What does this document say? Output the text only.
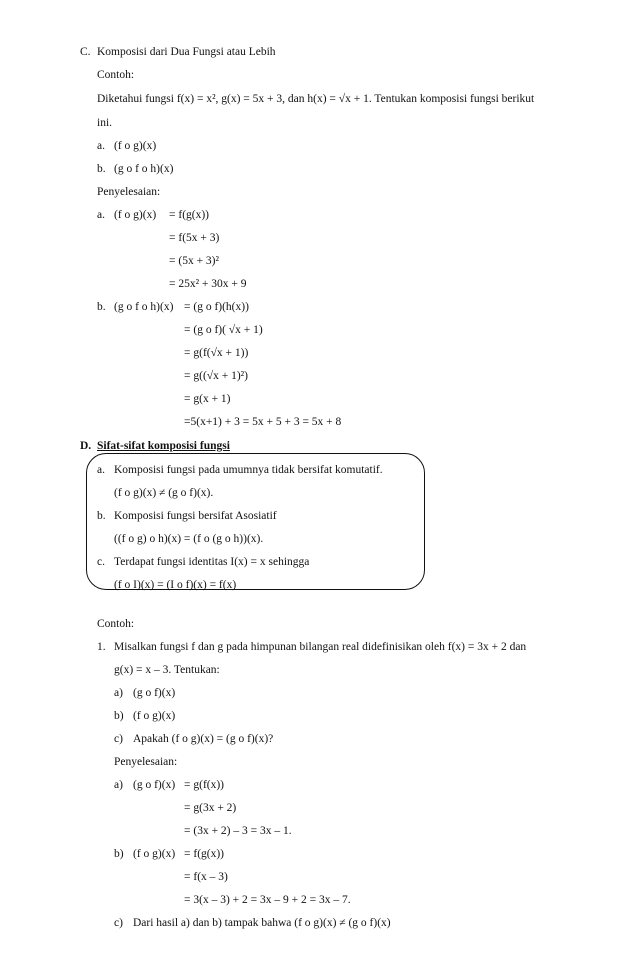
C. Komposisi dari Dua Fungsi atau Lebih
Contoh:
Diketahui fungsi f(x) = x², g(x) = 5x + 3, dan h(x) = √x + 1. Tentukan komposisi fungsi berikut
ini.
a. (f o g)(x)
b. (g o f o h)(x)
Penyelesaian:
a. (f o g)(x) = f(g(x))
= f(5x + 3)
= (5x + 3)²
= 25x² + 30x + 9
b. (g o f o h)(x) = (g o f)(h(x))
= (g o f)( √x + 1)
= g(f(√x + 1))
= g((√x + 1)²)
= g(x + 1)
=5(x+1) + 3 = 5x + 5 + 3 = 5x + 8
D. Sifat-sifat komposisi fungsi
a. Komposisi fungsi pada umumnya tidak bersifat komutatif.
(f o g)(x) ≠ (g o f)(x).
b. Komposisi fungsi bersifat Asosiatif
((f o g) o h)(x) = (f o (g o h))(x).
c. Terdapat fungsi identitas I(x) = x sehingga
(f o I)(x) = (I o f)(x) = f(x)
Contoh:
1. Misalkan fungsi f dan g pada himpunan bilangan real didefinisikan oleh f(x) = 3x + 2 dan
g(x) = x – 3. Tentukan:
a) (g o f)(x)
b) (f o g)(x)
c) Apakah (f o g)(x) = (g o f)(x)?
Penyelesaian:
a) (g o f)(x) = g(f(x))
= g(3x + 2)
= (3x + 2) – 3 = 3x – 1.
b) (f o g)(x) = f(g(x))
= f(x – 3)
= 3(x – 3) + 2 = 3x – 9 + 2 = 3x – 7.
c) Dari hasil a) dan b) tampak bahwa (f o g)(x) ≠ (g o f)(x)
